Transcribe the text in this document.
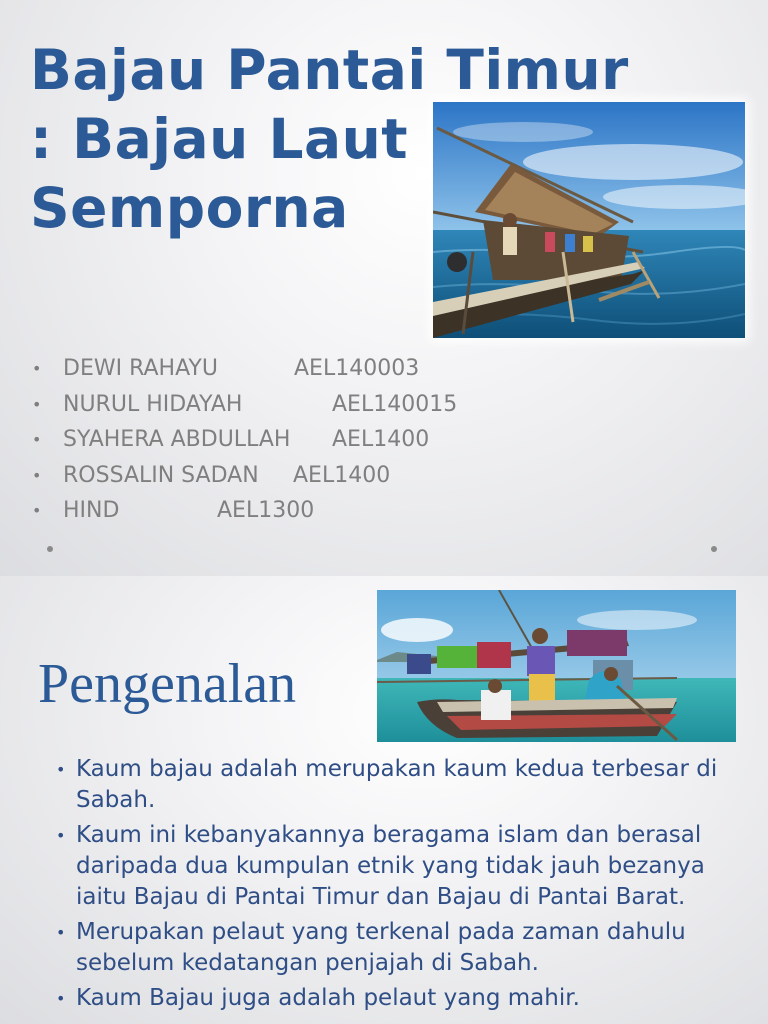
Bajau Pantai Timur
: Bajau Laut
Semporna
• DEWI RAHAYU	AEL140003
• NURUL HIDAYAH	AEL140015
• SYAHERA ABDULLAH AEL1400
• ROSSALIN SADAN AEL1400
• HIND	AEL1300
Pengenalan
• Kaum bajau adalah merupakan kaum kedua terbesar di Sabah.
• Kaum ini kebanyakannya beragama islam dan berasal daripada dua kumpulan etnik yang tidak jauh bezanya iaitu Bajau di Pantai Timur dan Bajau di Pantai Barat.
• Merupakan pelaut yang terkenal pada zaman dahulu sebelum kedatangan penjajah di Sabah.
• Kaum Bajau juga adalah pelaut yang mahir.
